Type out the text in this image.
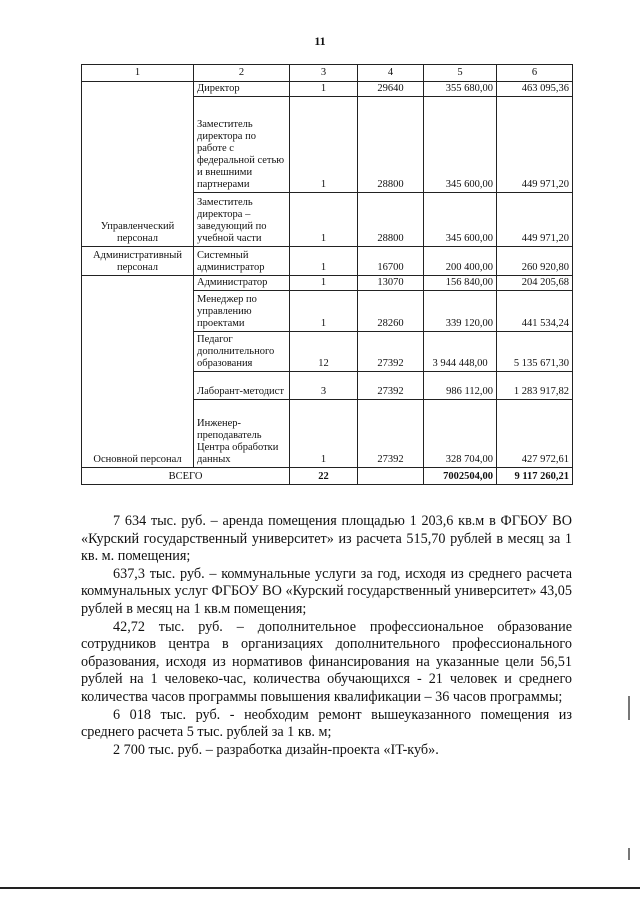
11
1	2	3	4	5	6
Управленческий персонал	Директор	1	29640	355 680,00	463 095,36
	Заместитель директора по работе с федеральной сетью и внешними партнерами	1	28800	345 600,00	449 971,20
	Заместитель директора – заведующий по учебной части	1	28800	345 600,00	449 971,20
Административный персонал	Системный администратор	1	16700	200 400,00	260 920,80
Основной персонал	Администратор	1	13070	156 840,00	204 205,68
	Менеджер по управлению проектами	1	28260	339 120,00	441 534,24
	Педагог дополнительного образования	12	27392	3 944 448,00	5 135 671,30
	Лаборант-методист	3	27392	986 112,00	1 283 917,82
	Инженер-преподаватель Центра обработки данных	1	27392	328 704,00	427 972,61
ВСЕГО		22		7002504,00	9 117 260,21

7 634 тыс. руб. – аренда помещения площадью 1 203,6 кв.м в ФГБОУ ВО «Курский государственный университет» из расчета 515,70 рублей в месяц за 1 кв. м. помещения;

637,3 тыс. руб. – коммунальные услуги за год, исходя из среднего расчета коммунальных услуг ФГБОУ ВО «Курский государственный университет» 43,05 рублей в месяц на 1 кв.м помещения;

42,72 тыс. руб. – дополнительное профессиональное образование сотрудников центра в организациях дополнительного профессионального образования, исходя из нормативов финансирования на указанные цели 56,51 рублей на 1 человеко-час, количества обучающихся - 21 человек и среднего количества часов программы повышения квалификации – 36 часов программы;

6 018 тыс. руб. - необходим ремонт вышеуказанного помещения из среднего расчета 5 тыс. рублей за 1 кв. м;

2 700 тыс. руб. – разработка дизайн-проекта «IT-куб».
